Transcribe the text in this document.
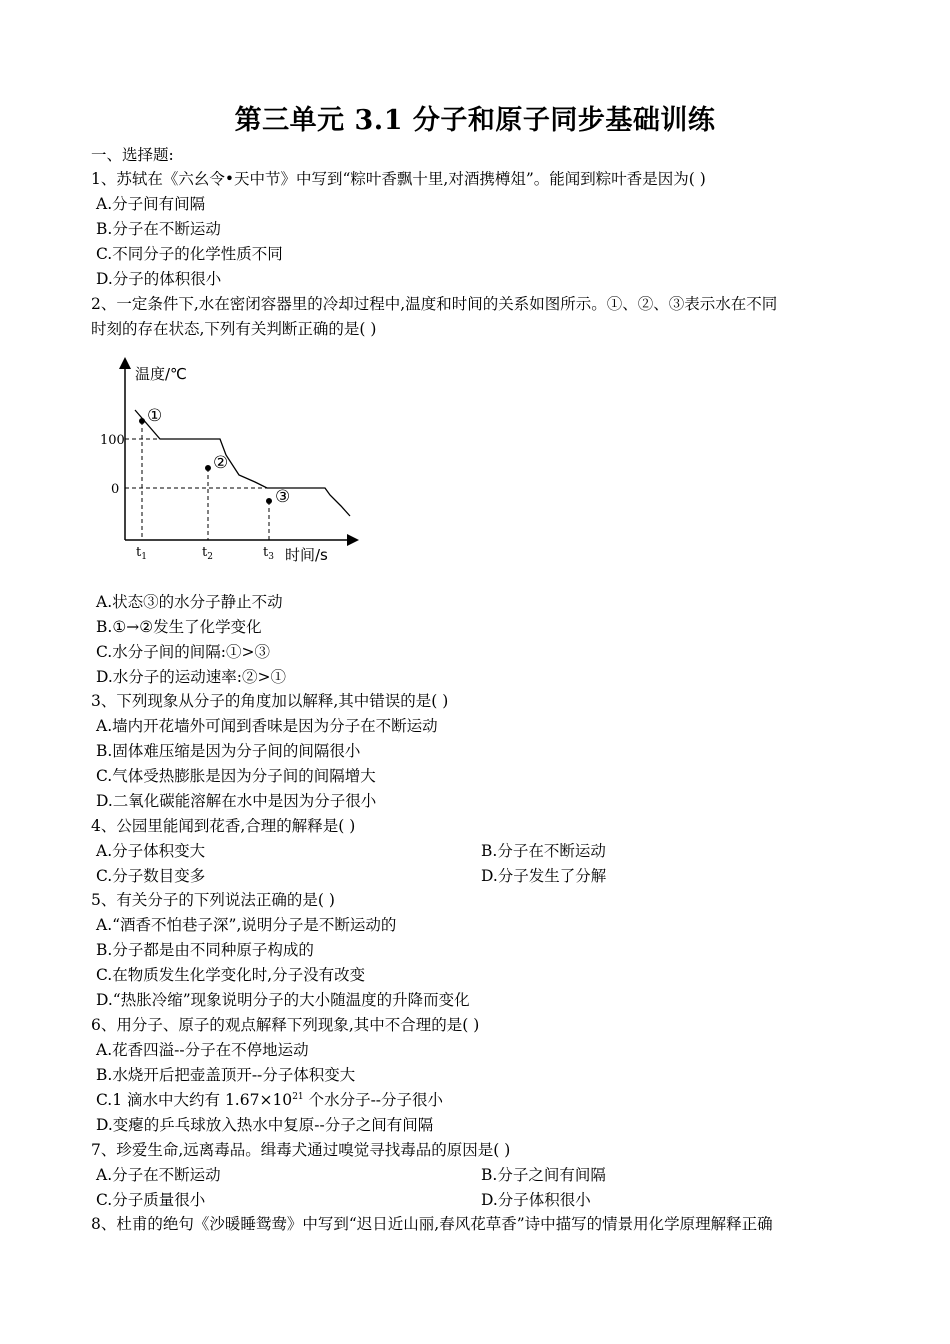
第三单元 3.1 分子和原子同步基础训练
一、选择题:
1、苏轼在《六幺令•天中节》中写到“粽叶香飘十里,对酒携樽俎”。能闻到粽叶香是因为( )
A.分子间有间隔
B.分子在不断运动
C.不同分子的化学性质不同
D.分子的体积很小
2、一定条件下,水在密闭容器里的冷却过程中,温度和时间的关系如图所示。①、②、③表示水在不同
时刻的存在状态,下列有关判断正确的是( )
温度/℃
时间/s
100
0
①
②
③
$t_1$	$t_2$	$t_3$
A.状态③的水分子静止不动
B.①→②发生了化学变化
C.水分子间的间隔:①>③
D.水分子的运动速率:②>①
3、下列现象从分子的角度加以解释,其中错误的是( )
A.墙内开花墙外可闻到香味是因为分子在不断运动
B.固体难压缩是因为分子间的间隔很小
C.气体受热膨胀是因为分子间的间隔增大
D.二氧化碳能溶解在水中是因为分子很小
4、公园里能闻到花香,合理的解释是( )
A.分子体积变大	B.分子在不断运动
C.分子数目变多	D.分子发生了分解
5、有关分子的下列说法正确的是( )
A.“酒香不怕巷子深”,说明分子是不断运动的
B.分子都是由不同种原子构成的
C.在物质发生化学变化时,分子没有改变
D.“热胀冷缩”现象说明分子的大小随温度的升降而变化
6、用分子、原子的观点解释下列现象,其中不合理的是( )
A.花香四溢--分子在不停地运动
B.水烧开后把壶盖顶开--分子体积变大
C.1 滴水中大约有 $1.67\times 10^{21}$ 个水分子--分子很小
D.变瘪的乒乓球放入热水中复原--分子之间有间隔
7、珍爱生命,远离毒品。缉毒犬通过嗅觉寻找毒品的原因是( )
A.分子在不断运动	B.分子之间有间隔
C.分子质量很小	D.分子体积很小
8、杜甫的绝句《沙暖睡鸳鸯》中写到“迟日近山丽,春风花草香”诗中描写的情景用化学原理解释正确
